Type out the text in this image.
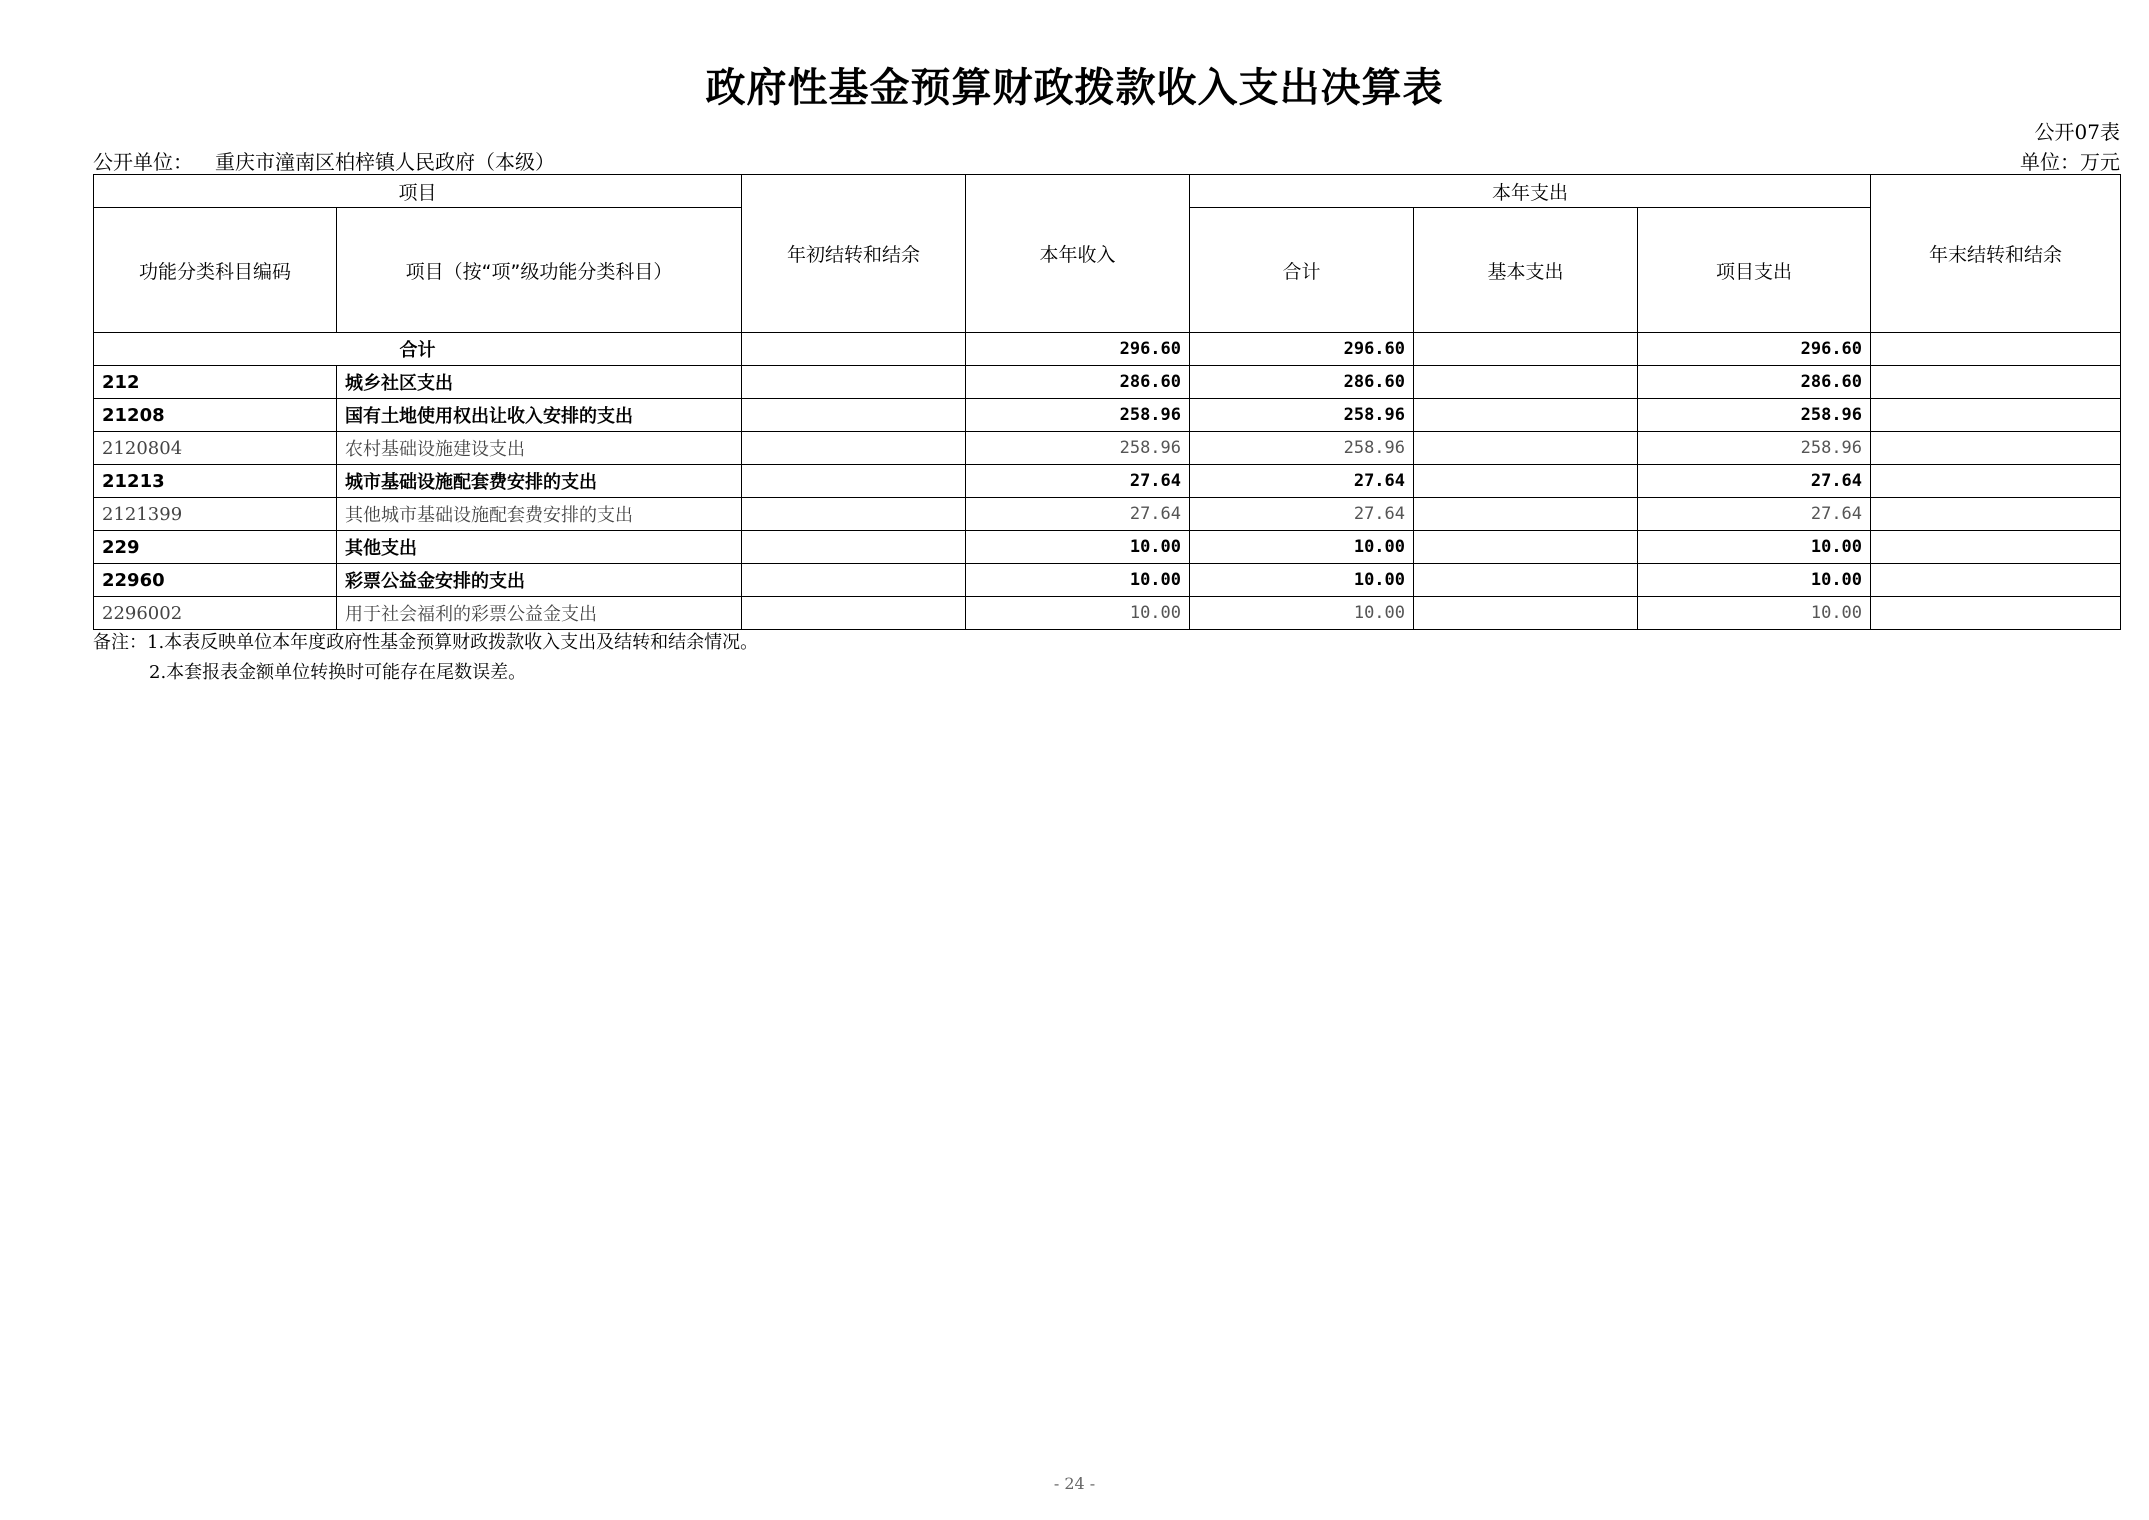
政府性基金预算财政拨款收入支出决算表
公开07表
公开单位： 重庆市潼南区柏梓镇人民政府（本级）	单位：万元
项目		年初结转和结余	本年收入	本年支出			年末结转和结余
功能分类科目编码	项目（按“项”级功能分类科目）			合计	基本支出	项目支出	
合计			296.60	296.60		296.60	
212	城乡社区支出		286.60	286.60		286.60	
21208	国有土地使用权出让收入安排的支出		258.96	258.96		258.96	
2120804	农村基础设施建设支出		258.96	258.96		258.96	
21213	城市基础设施配套费安排的支出		27.64	27.64		27.64	
2121399	其他城市基础设施配套费安排的支出		27.64	27.64		27.64	
229	其他支出		10.00	10.00		10.00	
22960	彩票公益金安排的支出		10.00	10.00		10.00	
2296002	用于社会福利的彩票公益金支出		10.00	10.00		10.00	
备注：1.本表反映单位本年度政府性基金预算财政拨款收入支出及结转和结余情况。
2.本套报表金额单位转换时可能存在尾数误差。
- 24 -
